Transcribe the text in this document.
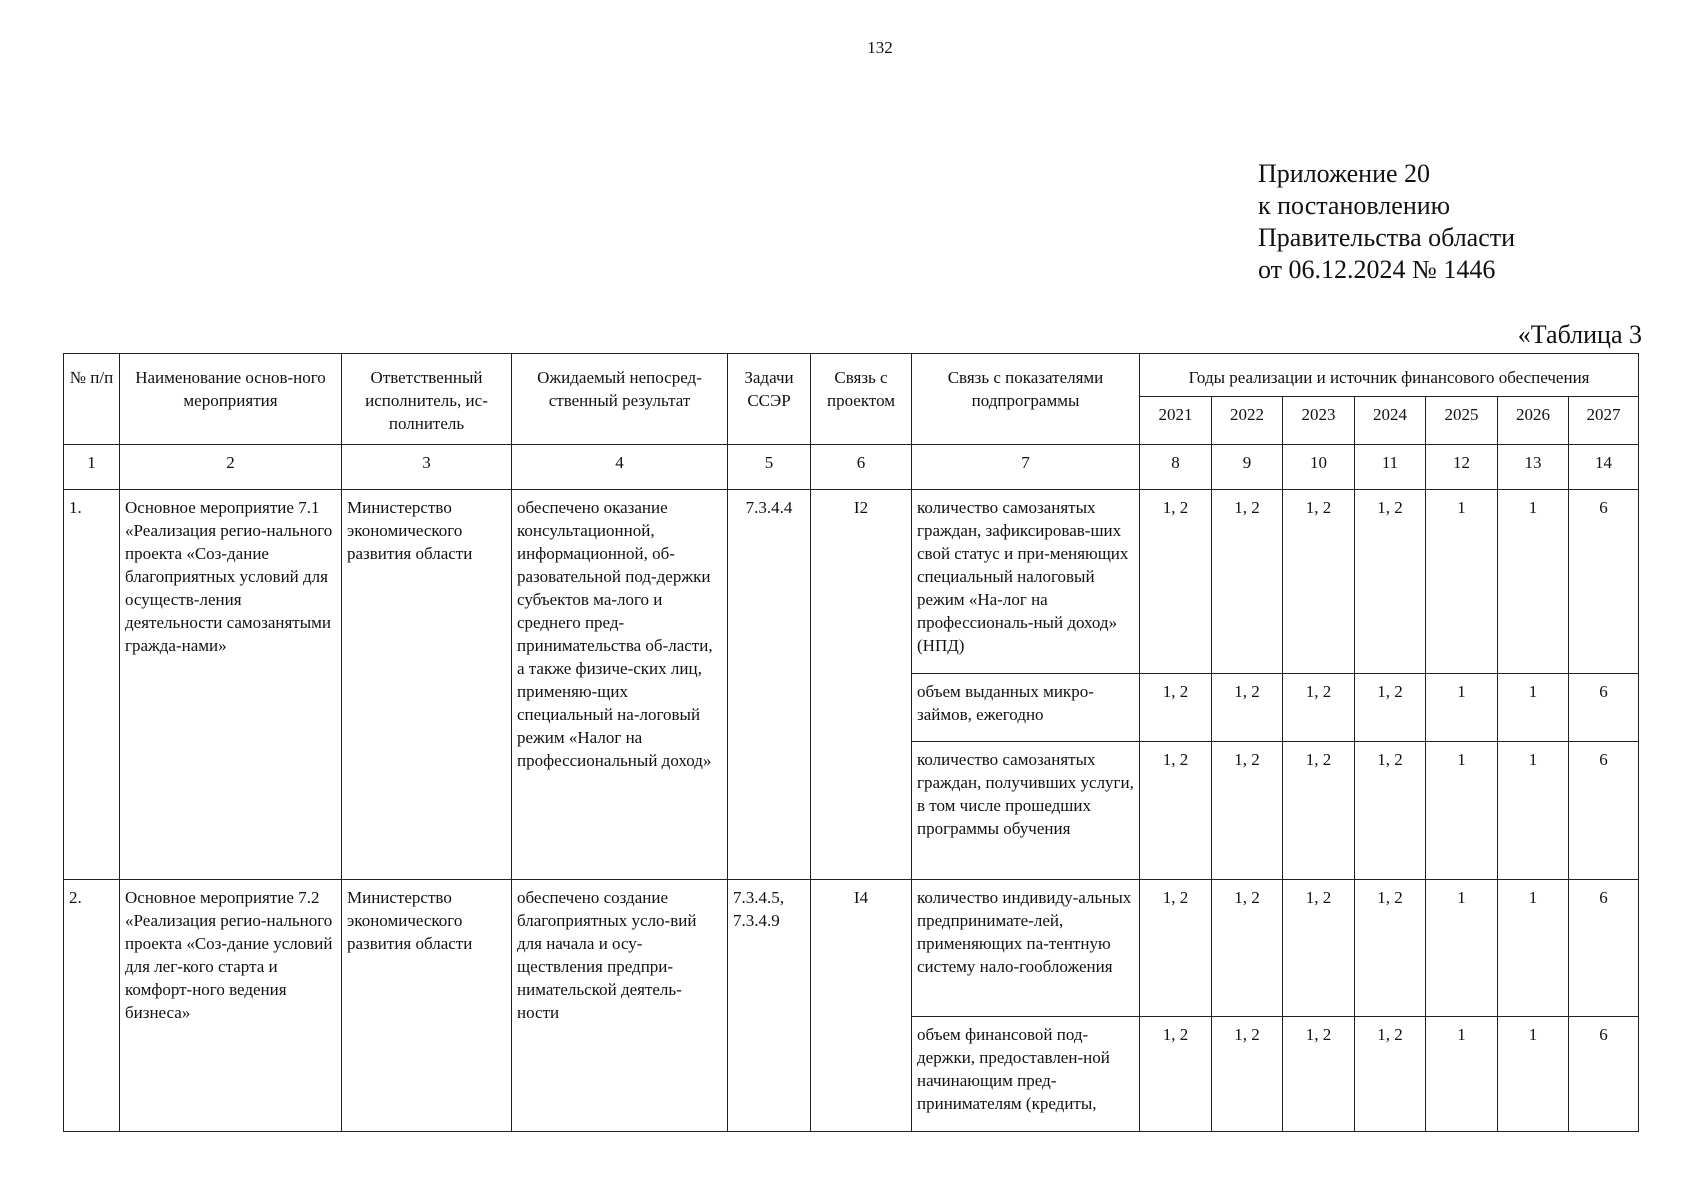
132
Приложение 20
к постановлению
Правительства области
от 06.12.2024 № 1446
«Таблица 3
№ п/п	Наименование основ-ного мероприятия	Ответственный исполнитель, ис-полнитель	Ожидаемый непосред-ственный результат	Задачи ССЭР	Связь с проектом	Связь с показателями подпрограммы	Годы реализации и источник финансового обеспечения						
							2021	2022	2023	2024	2025	2026	2027
1	2	3	4	5	6	7	8	9	10	11	12	13	14
1.	Основное мероприятие 7.1 «Реализация регио-нального проекта «Соз-дание благоприятных условий для осуществ-ления деятельности самозанятыми гражда-нами»	Министерство экономического развития области	обеспечено оказание консультационной, информационной, об-разовательной под-держки субъектов ма-лого и среднего пред-принимательства об-ласти, а также физиче-ских лиц, применяю-щих специальный на-логовый режим «Налог на профессиональный доход»	7.3.4.4	I2	количество самозанятых граждан, зафиксировав-ших свой статус и при-меняющих специальный налоговый режим «На-лог на профессиональ-ный доход» (НПД)	1, 2	1, 2	1, 2	1, 2	1	1	6
						объем выданных микро-займов, ежегодно	1, 2	1, 2	1, 2	1, 2	1	1	6
						количество самозанятых граждан, получивших услуги, в том числе прошедших программы обучения	1, 2	1, 2	1, 2	1, 2	1	1	6
2.	Основное мероприятие 7.2 «Реализация регио-нального проекта «Соз-дание условий для лег-кого старта и комфорт-ного ведения бизнеса»	Министерство экономического развития области	обеспечено создание благоприятных усло-вий для начала и осу-ществления предпри-нимательской деятель-ности	7.3.4.5, 7.3.4.9	I4	количество индивиду-альных предпринимате-лей, применяющих па-тентную систему нало-гообложения	1, 2	1, 2	1, 2	1, 2	1	1	6
						объем финансовой под-держки, предоставлен-ной начинающим пред-принимателям (кредиты,	1, 2	1, 2	1, 2	1, 2	1	1	6
